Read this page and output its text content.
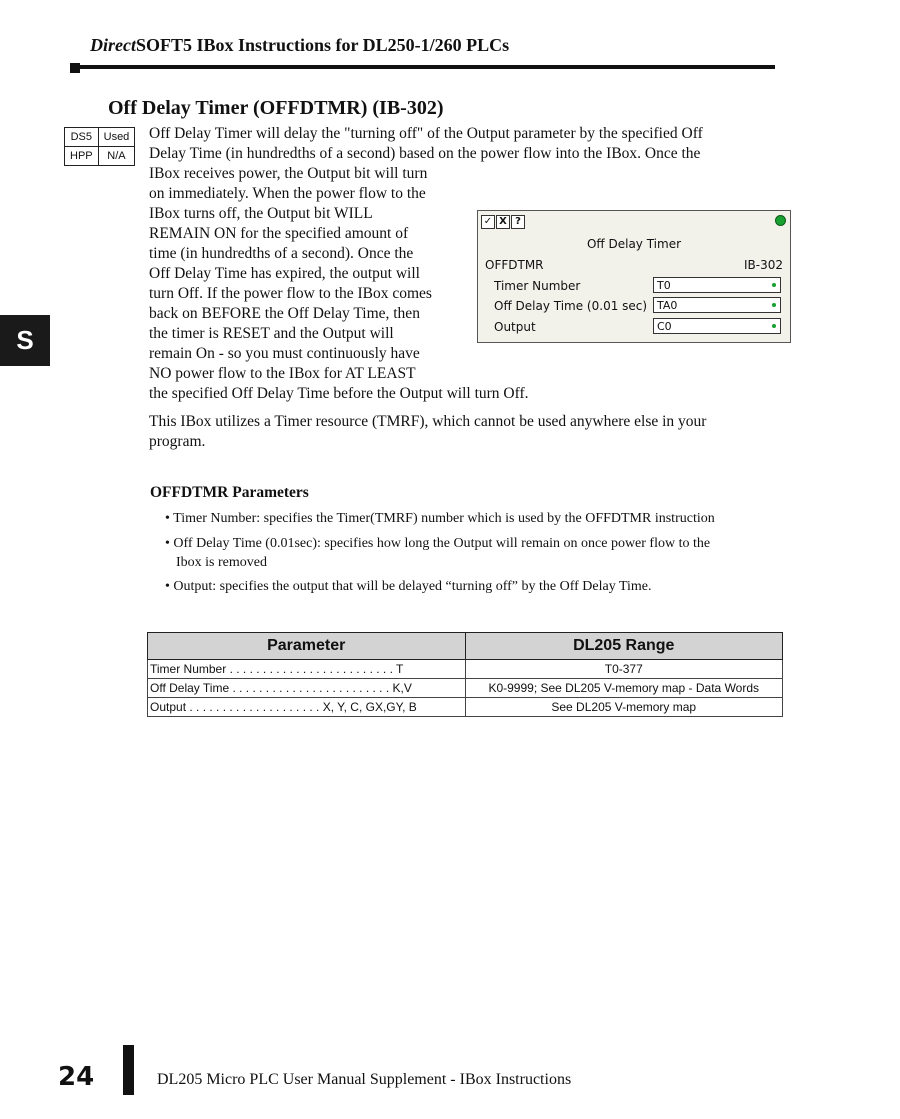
DirectSOFT5 IBox Instructions for DL250-1/260 PLCs
Off Delay Timer (OFFDTMR) (IB-302)
DS5	Used
HPP	N/A
Off Delay Timer will delay the "turning off" of the Output parameter by the specified Off
Delay Time (in hundredths of a second) based on the power flow into the IBox. Once the
IBox receives power, the Output bit will turn
on immediately. When the power flow to the
IBox turns off, the Output bit WILL
REMAIN ON for the specified amount of
time (in hundredths of a second). Once the
Off Delay Time has expired, the output will
turn Off. If the power flow to the IBox comes
back on BEFORE the Off Delay Time, then
the timer is RESET and the Output will
remain On - so you must continuously have
NO power flow to the IBox for AT LEAST
the specified Off Delay Time before the Output will turn Off.
This IBox utilizes a Timer resource (TMRF), which cannot be used anywhere else in your
program.
S
✓ X ?
Off Delay Timer
OFFDTMR	IB-302
Timer Number	T0
Off Delay Time (0.01 sec) TA0
Output	C0
OFFDTMR Parameters
• Timer Number: specifies the Timer(TMRF) number which is used by the OFFDTMR instruction
• Off Delay Time (0.01sec): specifies how long the Output will remain on once power flow to the
Ibox is removed
• Output: specifies the output that will be delayed “turning off” by the Off Delay Time.
Parameter	DL205 Range
Timer Number . . . . . . . . . . . . . . . . . . . . . . . . . T	T0-377
Off Delay Time . . . . . . . . . . . . . . . . . . . . . . . . K,V	K0-9999; See DL205 V-memory map - Data Words
Output . . . . . . . . . . . . . . . . . . . . X, Y, C, GX,GY, B	See DL205 V-memory map
24	DL205 Micro PLC User Manual Supplement - IBox Instructions
